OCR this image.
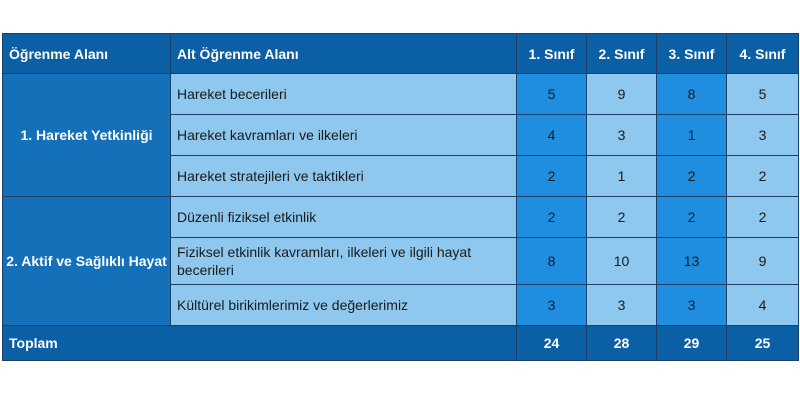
Öğrenme Alanı	Alt Öğrenme Alanı	1. Sınıf	2. Sınıf	3. Sınıf	4. Sınıf
1. Hareket Yetkinliği	Hareket becerileri	5	9	8	5
	Hareket kavramları ve ilkeleri	4	3	1	3
	Hareket stratejileri ve taktikleri	2	1	2	2
2. Aktif ve Sağlıklı Hayat	Düzenli fiziksel etkinlik	2	2	2	2
	Fiziksel etkinlik kavramları, ilkeleri ve ilgili hayat becerileri	8	10	13	9
	Kültürel birikimlerimiz ve değerlerimiz	3	3	3	4
Toplam		24	28	29	25
